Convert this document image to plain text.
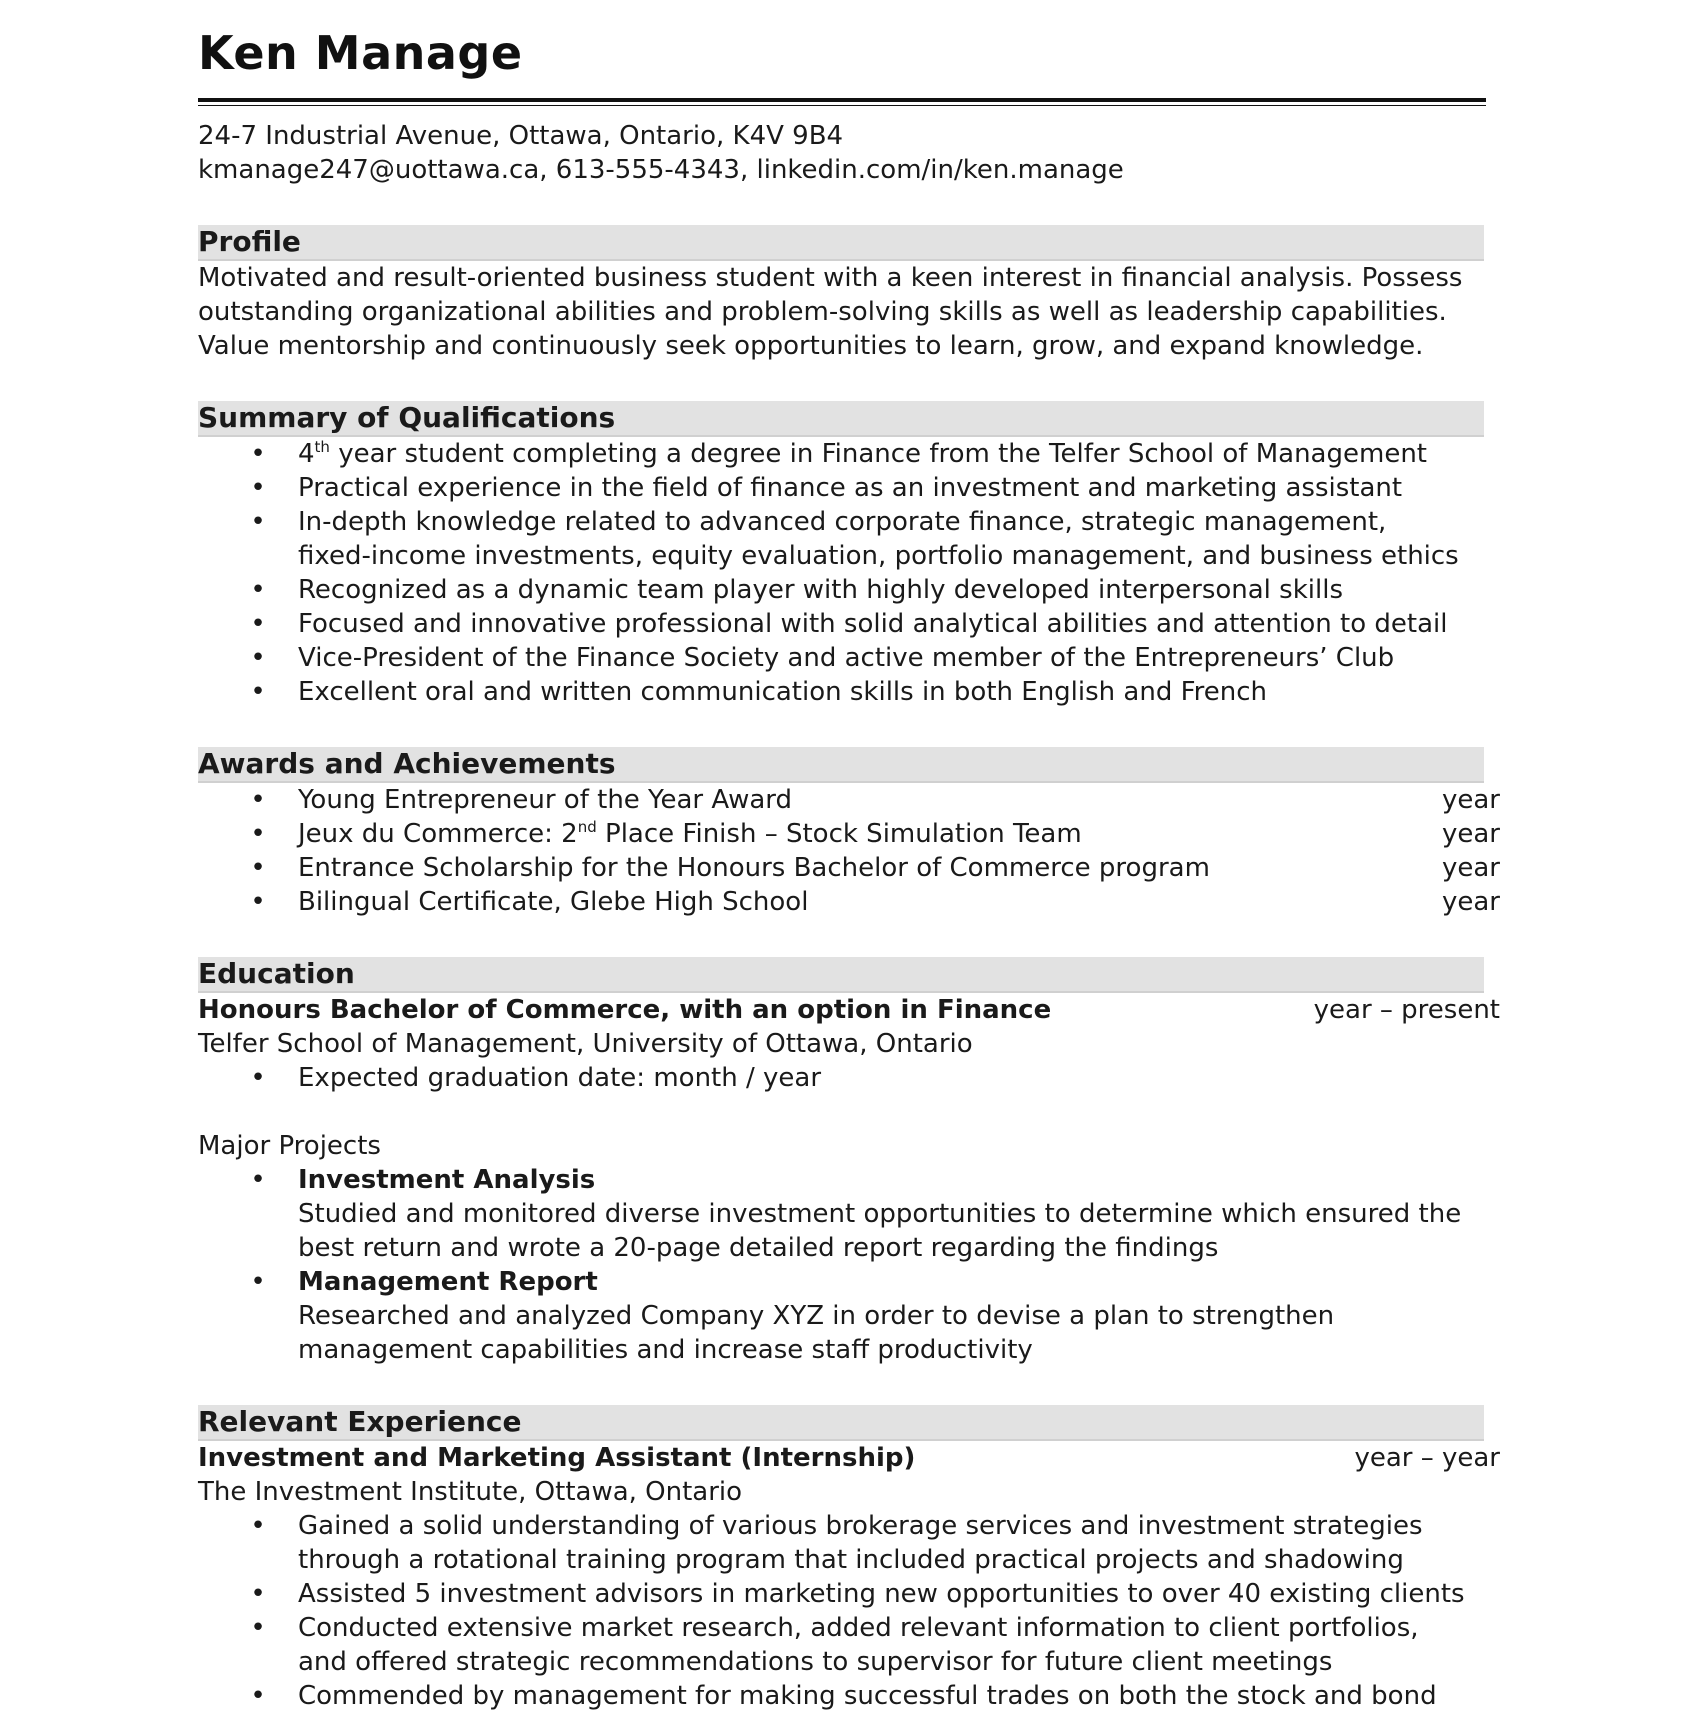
Ken Manage
24-7 Industrial Avenue, Ottawa, Ontario, K4V 9B4
kmanage247@uottawa.ca, 613-555-4343, linkedin.com/in/ken.manage
Profile
Motivated and result-oriented business student with a keen interest in financial analysis. Possess
outstanding organizational abilities and problem-solving skills as well as leadership capabilities.
Value mentorship and continuously seek opportunities to learn, grow, and expand knowledge.
Summary of Qualifications
• 4th year student completing a degree in Finance from the Telfer School of Management
• Practical experience in the field of finance as an investment and marketing assistant
• In-depth knowledge related to advanced corporate finance, strategic management,
fixed-income investments, equity evaluation, portfolio management, and business ethics
• Recognized as a dynamic team player with highly developed interpersonal skills
• Focused and innovative professional with solid analytical abilities and attention to detail
• Vice-President of the Finance Society and active member of the Entrepreneurs’ Club
• Excellent oral and written communication skills in both English and French
Awards and Achievements
• Young Entrepreneur of the Year Award	year
• Jeux du Commerce: 2nd Place Finish – Stock Simulation Team	year
• Entrance Scholarship for the Honours Bachelor of Commerce program	year
• Bilingual Certificate, Glebe High School	year
Education
Honours Bachelor of Commerce, with an option in Finance	year – present
Telfer School of Management, University of Ottawa, Ontario
• Expected graduation date: month / year
Major Projects
• Investment Analysis
Studied and monitored diverse investment opportunities to determine which ensured the
best return and wrote a 20-page detailed report regarding the findings
• Management Report
Researched and analyzed Company XYZ in order to devise a plan to strengthen
management capabilities and increase staff productivity
Relevant Experience
Investment and Marketing Assistant (Internship)	year – year
The Investment Institute, Ottawa, Ontario
• Gained a solid understanding of various brokerage services and investment strategies
through a rotational training program that included practical projects and shadowing
• Assisted 5 investment advisors in marketing new opportunities to over 40 existing clients
• Conducted extensive market research, added relevant information to client portfolios,
and offered strategic recommendations to supervisor for future client meetings
• Commended by management for making successful trades on both the stock and bond
